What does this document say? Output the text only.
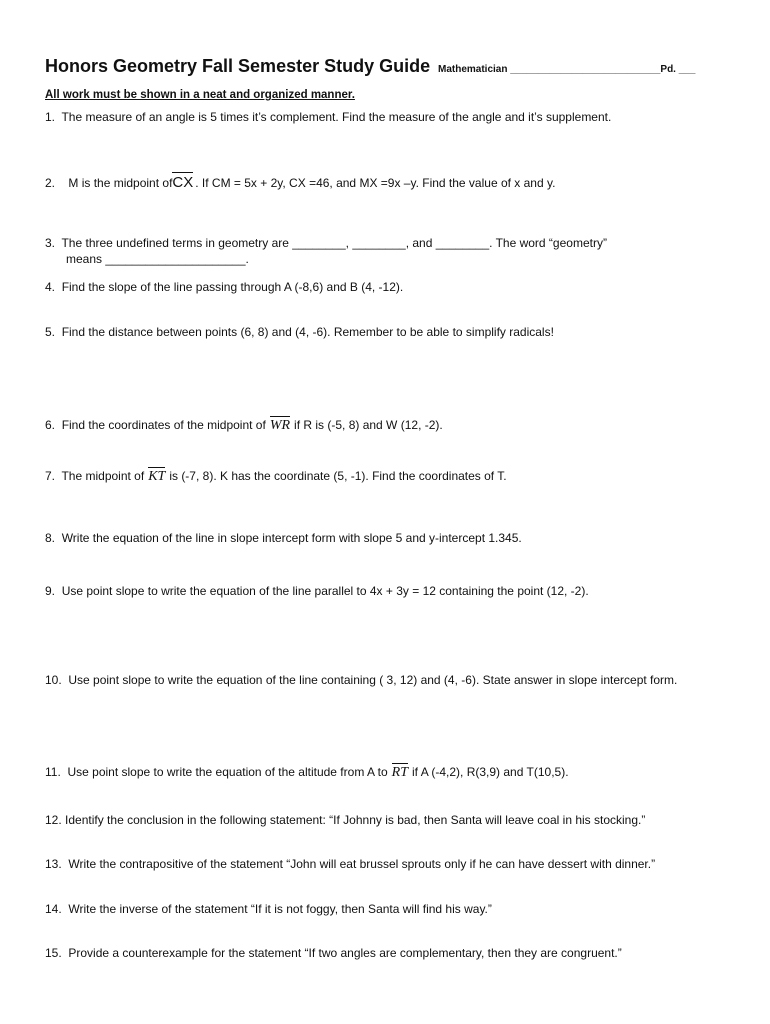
Honors Geometry Fall Semester Study Guide Mathematician ___________________________Pd. ___
All work must be shown in a neat and organized manner.
1. The measure of an angle is 5 times it’s complement. Find the measure of the angle and it’s supplement.
2. M is the midpoint ofCX . If CM = 5x + 2y, CX =46, and MX =9x –y. Find the value of x and y.
3. The three undefined terms in geometry are ________, ________, and ________. The word “geometry”
means _____________________.
4. Find the slope of the line passing through A (-8,6) and B (4, -12).
5. Find the distance between points (6, 8) and (4, -6). Remember to be able to simplify radicals!
6. Find the coordinates of the midpoint of WR if R is (-5, 8) and W (12, -2).
7. The midpoint of KT is (-7, 8). K has the coordinate (5, -1). Find the coordinates of T.
8. Write the equation of the line in slope intercept form with slope 5 and y-intercept 1.345.
9. Use point slope to write the equation of the line parallel to 4x + 3y = 12 containing the point (12, -2).
10. Use point slope to write the equation of the line containing ( 3, 12) and (4, -6). State answer in slope intercept form.
11. Use point slope to write the equation of the altitude from A to RT if A (-4,2), R(3,9) and T(10,5).
12. Identify the conclusion in the following statement: “If Johnny is bad, then Santa will leave coal in his stocking.”
13. Write the contrapositive of the statement “John will eat brussel sprouts only if he can have dessert with dinner.”
14. Write the inverse of the statement “If it is not foggy, then Santa will find his way.”
15. Provide a counterexample for the statement “If two angles are complementary, then they are congruent.”
